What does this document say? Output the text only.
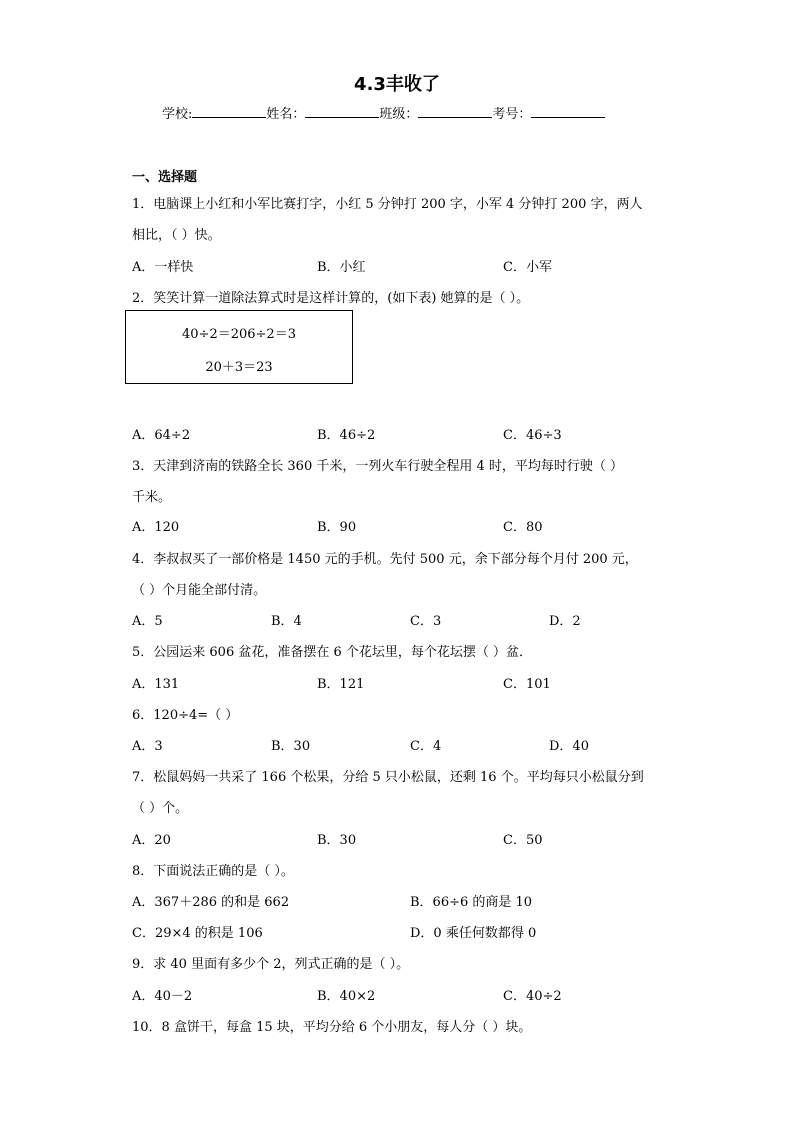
4.3丰收了
学校:	姓名：	班级：	考号：
一、选择题
1．电脑课上小红和小军比赛打字，小红 5 分钟打 200 字，小军 4 分钟打 200 字，两人
相比，（ ）快。
A．一样快	B．小红	C．小军
2．笑笑计算一道除法算式时是这样计算的，(如下表) 她算的是（ ）。
40÷2＝206÷2＝3
20＋3＝23
A．64÷2	B．46÷2	C．46÷3
3．天津到济南的铁路全长 360 千米，一列火车行驶全程用 4 时，平均每时行驶（ ）
千米。
A．120	B．90	C．80
4．李叔叔买了一部价格是 1450 元的手机。先付 500 元，余下部分每个月付 200 元，
（ ）个月能全部付清。
A．5	B．4	C．3	D．2
5．公园运来 606 盆花，准备摆在 6 个花坛里，每个花坛摆（ ）盆．
A．131	B．121	C．101
6．120÷4=（ ）
A．3	B．30	C．4	D．40
7．松鼠妈妈一共采了 166 个松果，分给 5 只小松鼠，还剩 16 个。平均每只小松鼠分到
（ ）个。
A．20	B．30	C．50
8．下面说法正确的是（ ）。
A．367＋286 的和是 662	B．66÷6 的商是 10
C．29×4 的积是 106	D．0 乘任何数都得 0
9．求 40 里面有多少个 2，列式正确的是（ ）。
A．40－2	B．40×2	C．40÷2
10．8 盒饼干，每盒 15 块，平均分给 6 个小朋友，每人分（ ）块。
